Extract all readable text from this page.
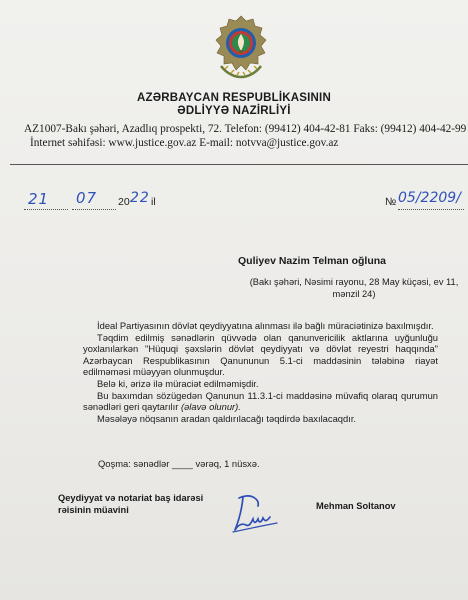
AZƏRBAYCAN RESPUBLİKASININ
ƏDLİYYƏ NAZİRLİYİ
AZ1007-Bakı şəhəri, Azadlıq prospekti, 72. Telefon: (99412) 404-42-81 Faks: (99412) 404-42-99
İnternet səhifəsi: www.justice.gov.az E-mail: notvva@justice.gov.az
21 07 20 22 il	№ 05/2209/
Quliyev Nazim Telman oğluna
(Bakı şəhəri, Nəsimi rayonu, 28 May küçəsi, ev 11, mənzil 24)

İdeal Partiyasının dövlət qeydiyyatına alınması ilə bağlı müraciətinizə baxılmışdır.

Təqdim edilmiş sənədlərin qüvvədə olan qanunvericilik aktlarına uyğunluğu yoxlanılarkən "Hüquqi şəxslərin dövlət qeydiyyatı və dövlət reyestri haqqında" Azərbaycan Respublikasının Qanununun 5.1-ci maddəsinin tələbinə riayət edilməməsi müəyyən olunmuşdur.

Belə ki, ərizə ilə müraciət edilməmişdir.

Bu baxımdan sözügedən Qanunun 11.3.1-ci maddəsinə müvafiq olaraq qurumun sənədləri geri qaytarılır (əlavə olunur).

Məsələyə nöqsanın aradan qaldırılacağı təqdirdə baxılacaqdır.

Qoşma: sənədlər ____ vərəq, 1 nüsxə.
Qeydiyyat və notariat baş idarəsi
rəisinin müavini	Mehman Soltanov
